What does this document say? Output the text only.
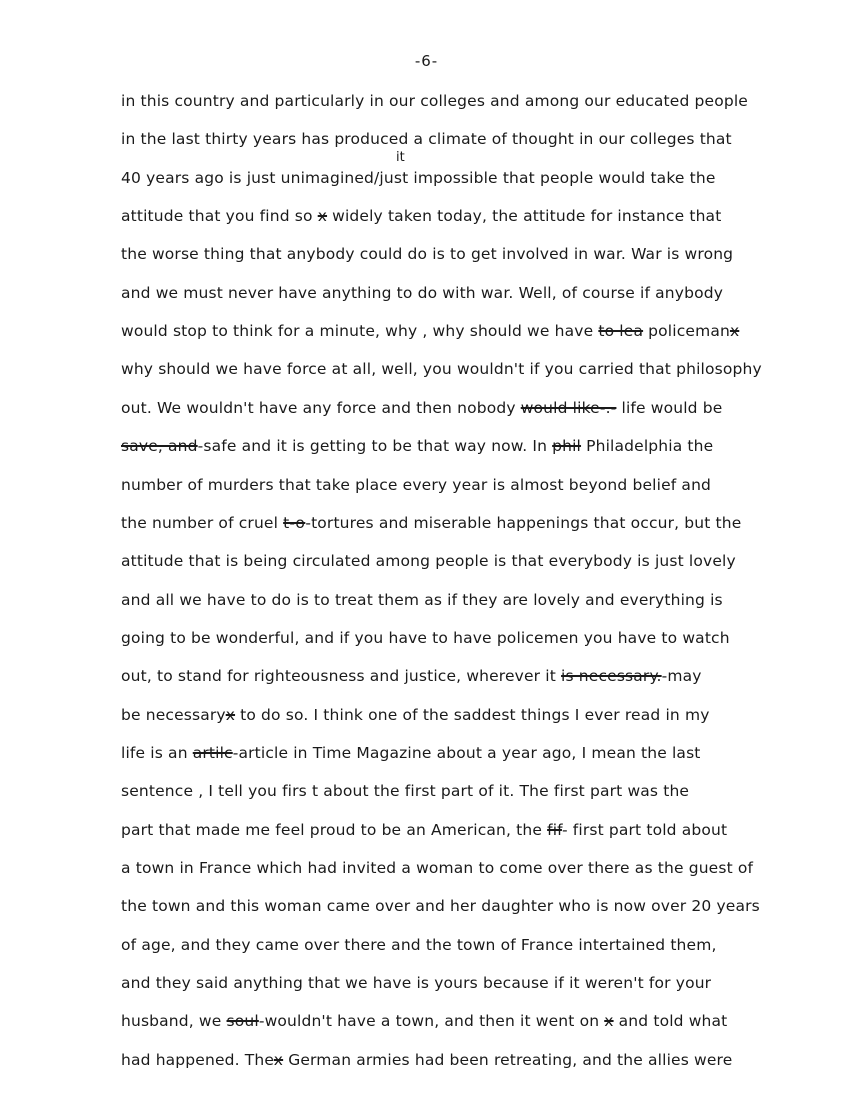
-6-
it

in this country and particularly in our colleges and among our educated people

in the last thirty years has produced a climate of thought in our colleges that

40 years ago is just unimagined/just impossible that people would take the

attitude that you find so x widely taken today, the attitude for instance that

the worse thing that anybody could do is to get involved in war. War is wrong

and we must never have anything to do with war. Well, of course if anybody

would stop to think for a minute, why , why should we have to lea policemanx

why should we have force at all, well, you wouldn't if you carried that philosophy

out. We wouldn't have any force and then nobody would like-.- life would be

save, and-safe and it is getting to be that way now. In phil Philadelphia the

number of murders that take place every year is almost beyond belief and

the number of cruel t-o-tortures and miserable happenings that occur, but the

attitude that is being circulated among people is that everybody is just lovely

and all we have to do is to treat them as if they are lovely and everything is

going to be wonderful, and if you have to have policemen you have to watch

out, to stand for righteousness and justice, wherever it is necessary.-may

be necessaryx to do so. I think one of the saddest things I ever read in my

life is an artilc-article in Time Magazine about a year ago, I mean the last

sentence , I tell you firs t about the first part of it. The first part was the

part that made me feel proud to be an American, the fif- first part told about

a town in France which had invited a woman to come over there as the guest of

the town and this woman came over and her daughter who is now over 20 years

of age, and they came over there and the town of France intertained them,

and they said anything that we have is yours because if it weren't for your

husband, we soul-wouldn't have a town, and then it went on x and told what

had happened. Thex German armies had been retreating, and the allies were
